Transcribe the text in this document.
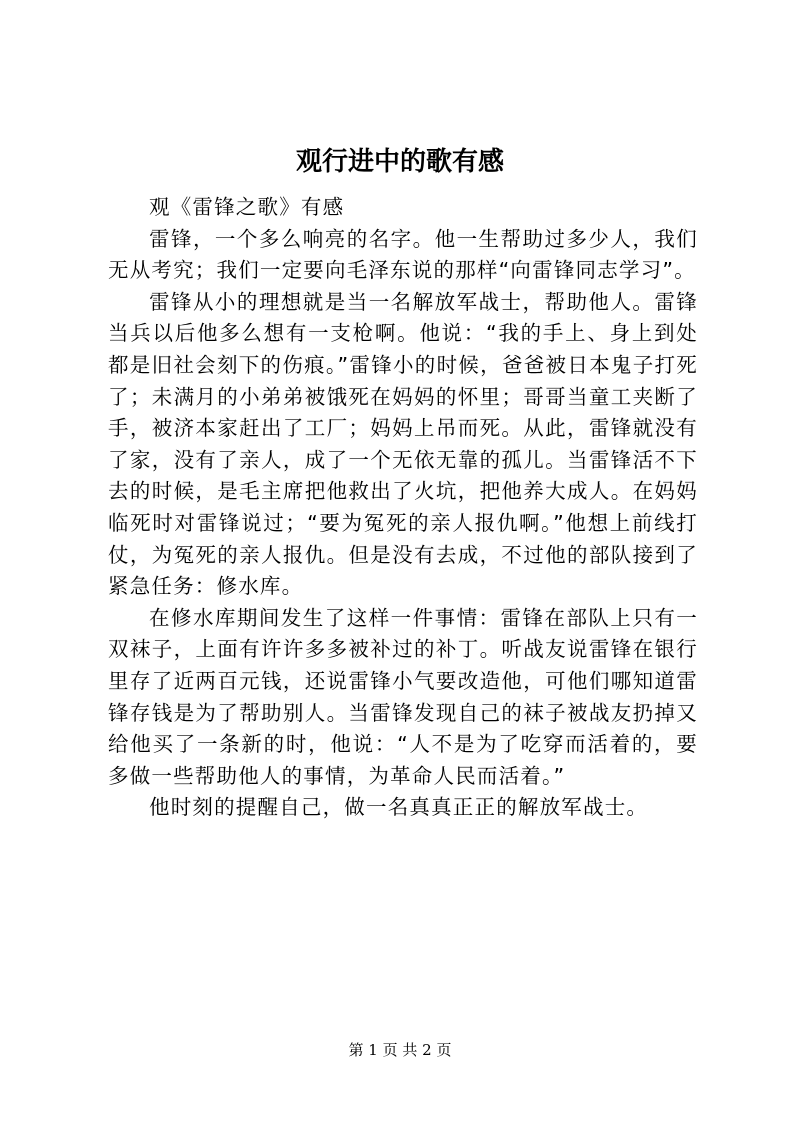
观行进中的歌有感

观《雷锋之歌》有感

雷锋，一个多么响亮的名字。他一生帮助过多少人，我们无从考究；我们一定要向毛泽东说的那样“向雷锋同志学习”。

雷锋从小的理想就是当一名解放军战士，帮助他人。雷锋当兵以后他多么想有一支枪啊。他说：“我的手上、身上到处都是旧社会刻下的伤痕。”雷锋小的时候，爸爸被日本鬼子打死了；未满月的小弟弟被饿死在妈妈的怀里；哥哥当童工夹断了手，被济本家赶出了工厂；妈妈上吊而死。从此，雷锋就没有了家，没有了亲人，成了一个无依无靠的孤儿。当雷锋活不下去的时候，是毛主席把他救出了火坑，把他养大成人。在妈妈临死时对雷锋说过；“要为冤死的亲人报仇啊。”他想上前线打仗，为冤死的亲人报仇。但是没有去成，不过他的部队接到了紧急任务：修水库。

在修水库期间发生了这样一件事情：雷锋在部队上只有一双袜子，上面有许许多多被补过的补丁。听战友说雷锋在银行里存了近两百元钱，还说雷锋小气要改造他，可他们哪知道雷锋存钱是为了帮助别人。当雷锋发现自己的袜子被战友扔掉又给他买了一条新的时，他说：“人不是为了吃穿而活着的，要多做一些帮助他人的事情，为革命人民而活着。”

他时刻的提醒自己，做一名真真正正的解放军战士。

第 1 页 共 2 页
